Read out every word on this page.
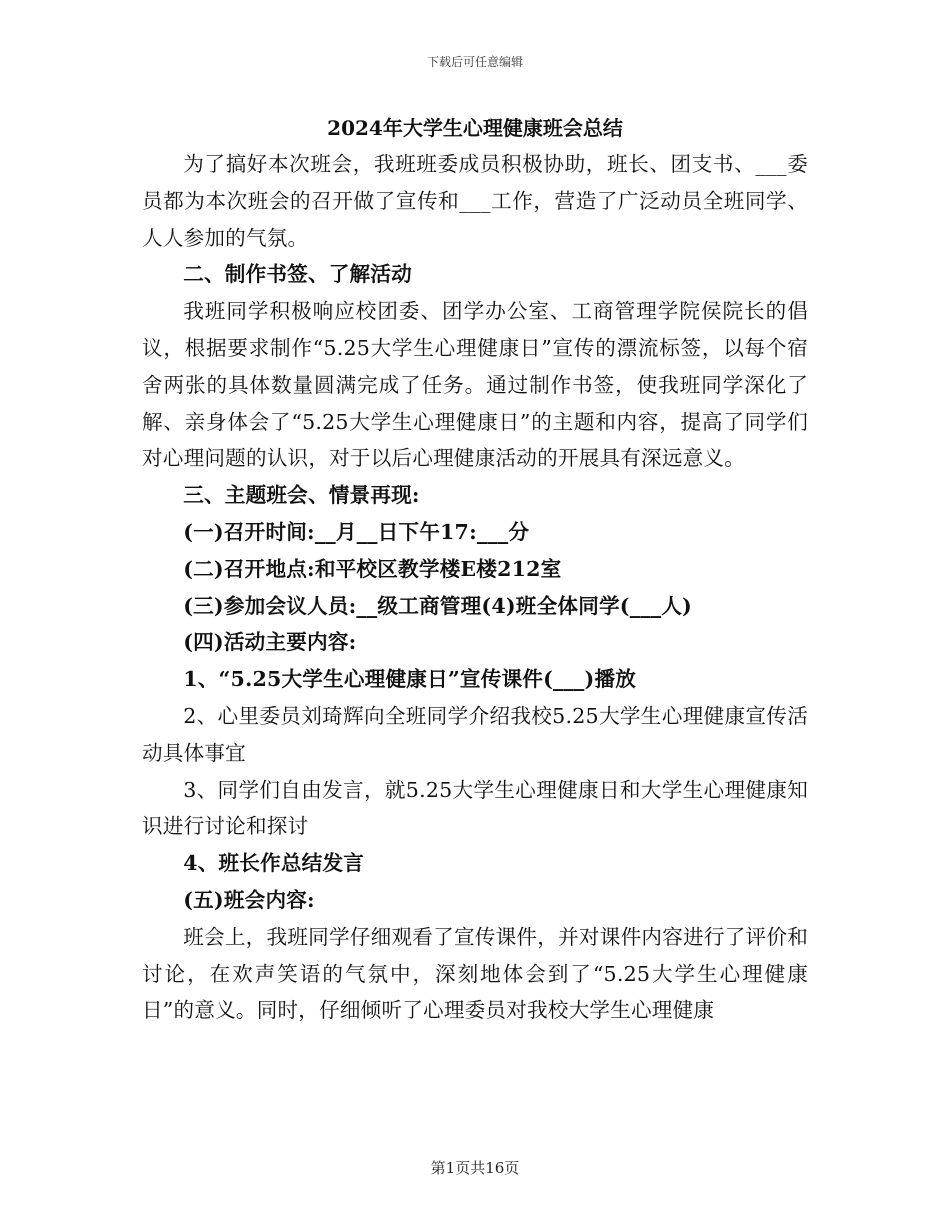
下载后可任意编辑
2024年大学生心理健康班会总结

为了搞好本次班会，我班班委成员积极协助，班长、团支书、___委员都为本次班会的召开做了宣传和___工作，营造了广泛动员全班同学、人人参加的气氛。

二、制作书签、了解活动

我班同学积极响应校团委、团学办公室、工商管理学院侯院长的倡议，根据要求制作“5.25大学生心理健康日”宣传的漂流标签，以每个宿舍两张的具体数量圆满完成了任务。通过制作书签，使我班同学深化了解、亲身体会了“5.25大学生心理健康日”的主题和内容，提高了同学们对心理问题的认识，对于以后心理健康活动的开展具有深远意义。

三、主题班会、情景再现:

(一)召开时间:__月__日下午17:___分

(二)召开地点:和平校区教学楼E楼212室

(三)参加会议人员:__级工商管理(4)班全体同学(___人)

(四)活动主要内容:

1、“5.25大学生心理健康日”宣传课件(___)播放

2、心里委员刘琦辉向全班同学介绍我校5.25大学生心理健康宣传活动具体事宜

3、同学们自由发言，就5.25大学生心理健康日和大学生心理健康知识进行讨论和探讨

4、班长作总结发言

(五)班会内容:

班会上，我班同学仔细观看了宣传课件，并对课件内容进行了评价和讨论，在欢声笑语的气氛中，深刻地体会到了“5.25大学生心理健康日”的意义。同时，仔细倾听了心理委员对我校大学生心理健康

第1页共16页
